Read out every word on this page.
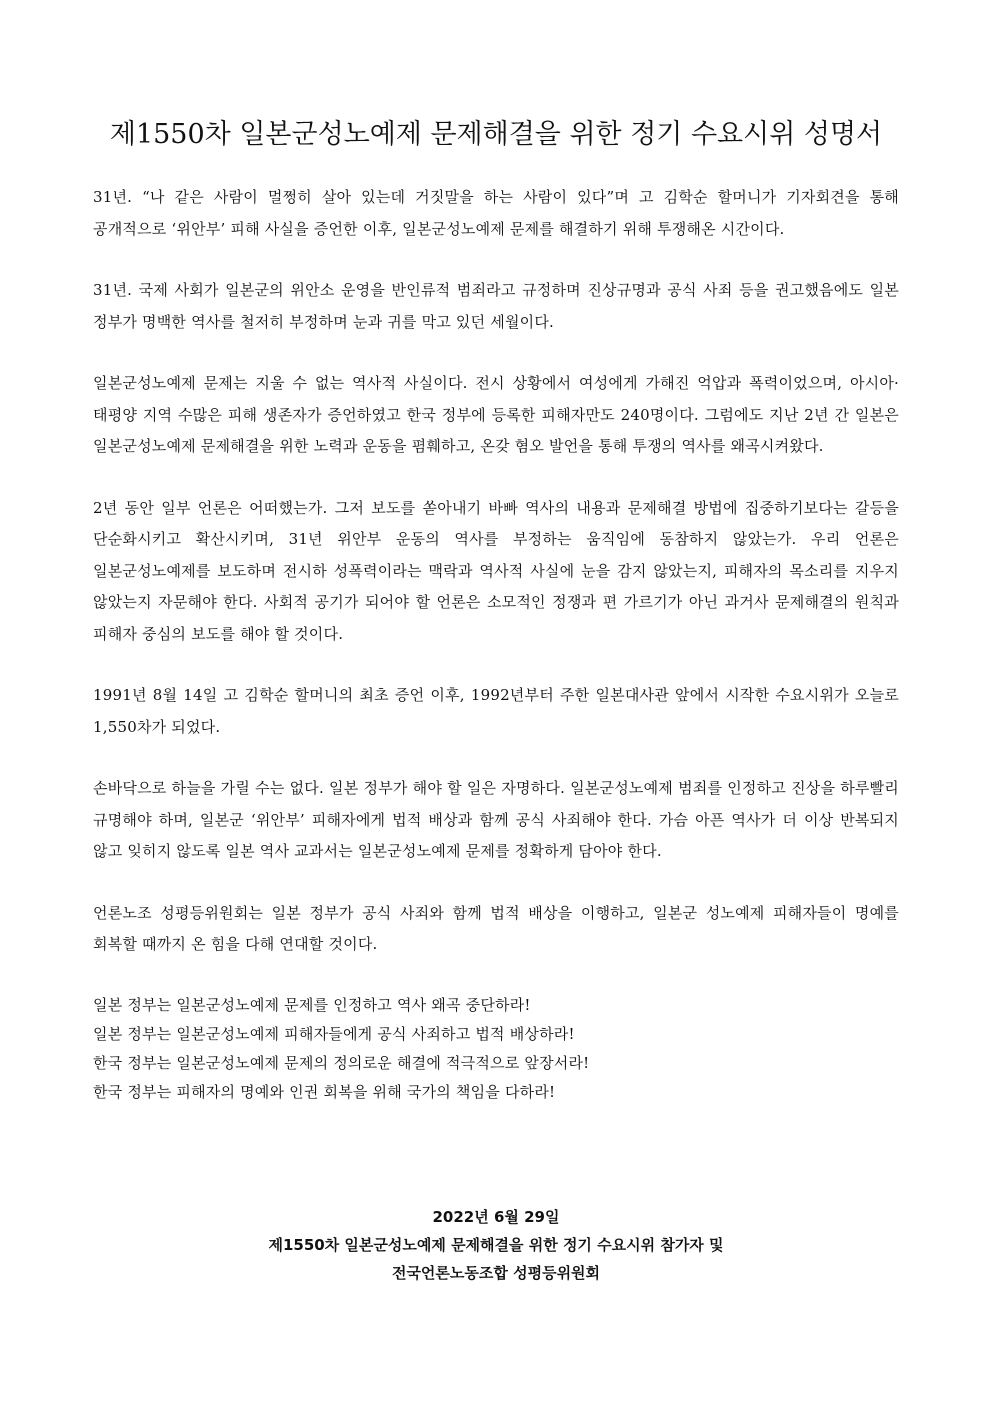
제1550차 일본군성노예제 문제해결을 위한 정기 수요시위 성명서

31년. “나 같은 사람이 멀쩡히 살아 있는데 거짓말을 하는 사람이 있다”며 고 김학순 할머니가 기자회견을 통해 공개적으로 ‘위안부’ 피해 사실을 증언한 이후, 일본군성노예제 문제를 해결하기 위해 투쟁해온 시간이다.

31년. 국제 사회가 일본군의 위안소 운영을 반인류적 범죄라고 규정하며 진상규명과 공식 사죄 등을 권고했음에도 일본 정부가 명백한 역사를 철저히 부정하며 눈과 귀를 막고 있던 세월이다.

일본군성노예제 문제는 지울 수 없는 역사적 사실이다. 전시 상황에서 여성에게 가해진 억압과 폭력이었으며, 아시아·태평양 지역 수많은 피해 생존자가 증언하였고 한국 정부에 등록한 피해자만도 240명이다. 그럼에도 지난 2년 간 일본은 일본군성노예제 문제해결을 위한 노력과 운동을 폄훼하고, 온갖 혐오 발언을 통해 투쟁의 역사를 왜곡시켜왔다.

2년 동안 일부 언론은 어떠했는가. 그저 보도를 쏟아내기 바빠 역사의 내용과 문제해결 방법에 집중하기보다는 갈등을 단순화시키고 확산시키며, 31년 위안부 운동의 역사를 부정하는 움직임에 동참하지 않았는가. 우리 언론은 일본군성노예제를 보도하며 전시하 성폭력이라는 맥락과 역사적 사실에 눈을 감지 않았는지, 피해자의 목소리를 지우지 않았는지 자문해야 한다. 사회적 공기가 되어야 할 언론은 소모적인 정쟁과 편 가르기가 아닌 과거사 문제해결의 원칙과 피해자 중심의 보도를 해야 할 것이다.

1991년 8월 14일 고 김학순 할머니의 최초 증언 이후, 1992년부터 주한 일본대사관 앞에서 시작한 수요시위가 오늘로 1,550차가 되었다.

손바닥으로 하늘을 가릴 수는 없다. 일본 정부가 해야 할 일은 자명하다. 일본군성노예제 범죄를 인정하고 진상을 하루빨리 규명해야 하며, 일본군 ‘위안부’ 피해자에게 법적 배상과 함께 공식 사죄해야 한다. 가슴 아픈 역사가 더 이상 반복되지 않고 잊히지 않도록 일본 역사 교과서는 일본군성노예제 문제를 정확하게 담아야 한다.

언론노조 성평등위원회는 일본 정부가 공식 사죄와 함께 법적 배상을 이행하고, 일본군 성노예제 피해자들이 명예를 회복할 때까지 온 힘을 다해 연대할 것이다.

일본 정부는 일본군성노예제 문제를 인정하고 역사 왜곡 중단하라!
일본 정부는 일본군성노예제 피해자들에게 공식 사죄하고 법적 배상하라!
한국 정부는 일본군성노예제 문제의 정의로운 해결에 적극적으로 앞장서라!
한국 정부는 피해자의 명예와 인권 회복을 위해 국가의 책임을 다하라!
2022년 6월 29일
제1550차 일본군성노예제 문제해결을 위한 정기 수요시위 참가자 및
전국언론노동조합 성평등위원회
